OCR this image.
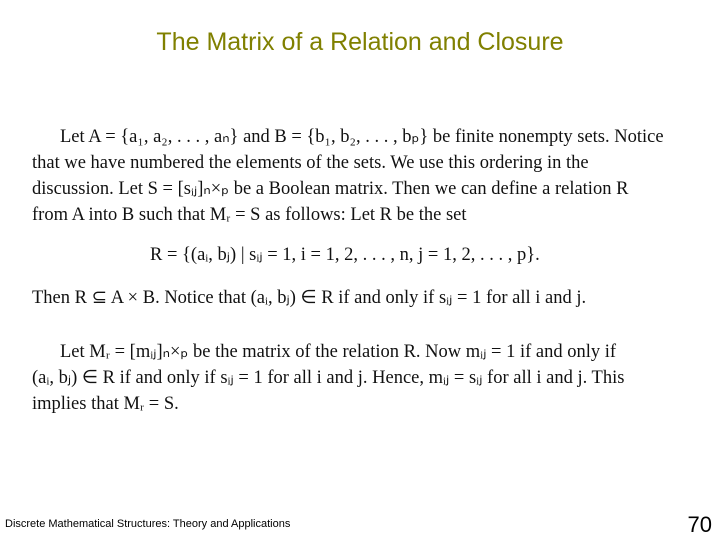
The Matrix of a Relation and Closure
Let A = {a₁, a₂, . . . , aₙ} and B = {b₁, b₂, . . . , bₚ} be finite nonempty sets. Notice
that we have numbered the elements of the sets. We use this ordering in the
discussion. Let S = [sᵢⱼ]ₙ×ₚ be a Boolean matrix. Then we can define a relation R
from A into B such that Mᵣ = S as follows: Let R be the set
R = {(aᵢ, bⱼ) | sᵢⱼ = 1, i = 1, 2, . . . , n, j = 1, 2, . . . , p}.
Then R ⊆ A × B. Notice that (aᵢ, bⱼ) ∈ R if and only if sᵢⱼ = 1 for all i and j.
Let Mᵣ = [mᵢⱼ]ₙ×ₚ be the matrix of the relation R. Now mᵢⱼ = 1 if and only if
(aᵢ, bⱼ) ∈ R if and only if sᵢⱼ = 1 for all i and j. Hence, mᵢⱼ = sᵢⱼ for all i and j. This
implies that Mᵣ = S.
Discrete Mathematical Structures: Theory and Applications	70
